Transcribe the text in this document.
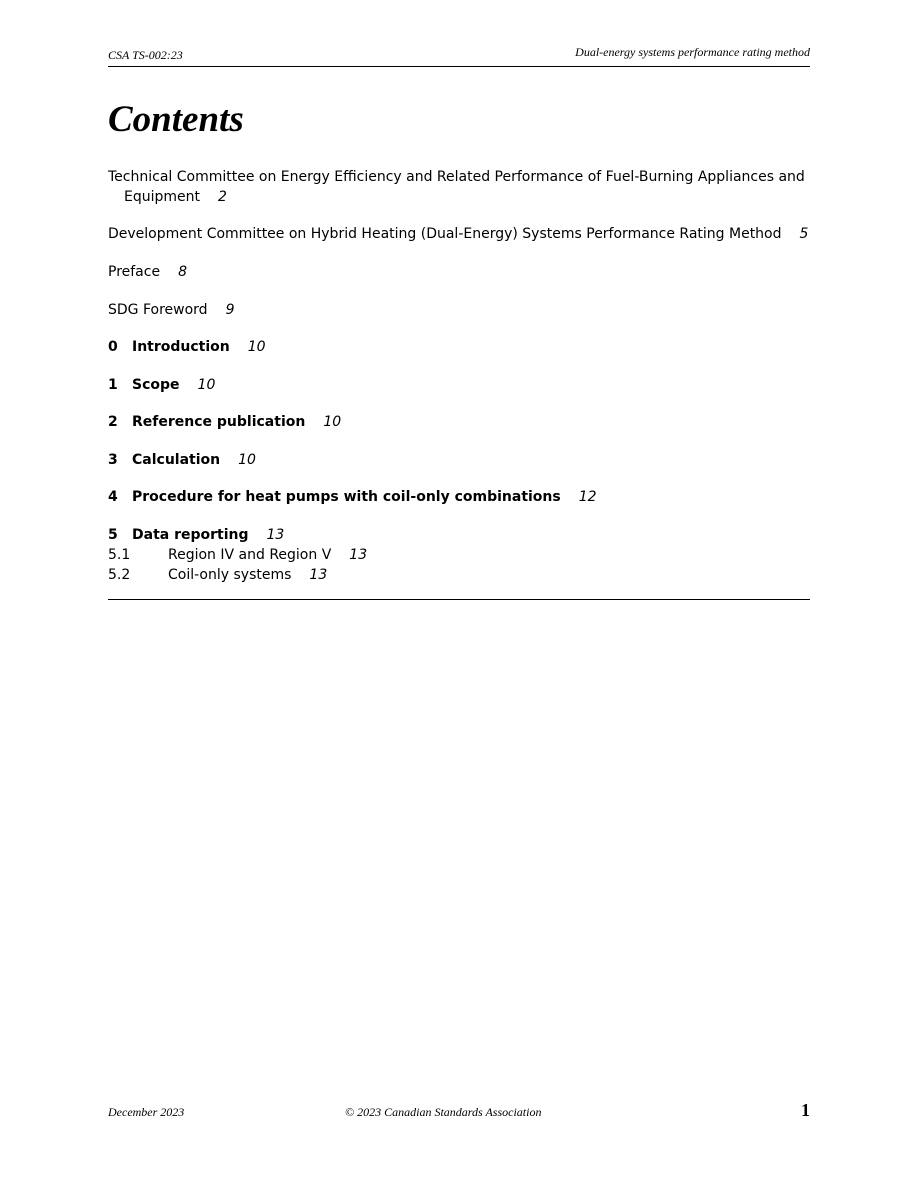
CSA TS-002:23	Dual-energy systems performance rating method
Contents
Technical Committee on Energy Efficiency and Related Performance of Fuel-Burning Appliances and
Equipment 2
Development Committee on Hybrid Heating (Dual-Energy) Systems Performance Rating Method 5
Preface 8
SDG Foreword 9
0 Introduction 10
1 Scope 10
2 Reference publication 10
3 Calculation 10
4 Procedure for heat pumps with coil-only combinations 12
5 Data reporting 13
5.1	Region IV and Region V 13
5.2	Coil-only systems 13
December 2023	© 2023 Canadian Standards Association	1
